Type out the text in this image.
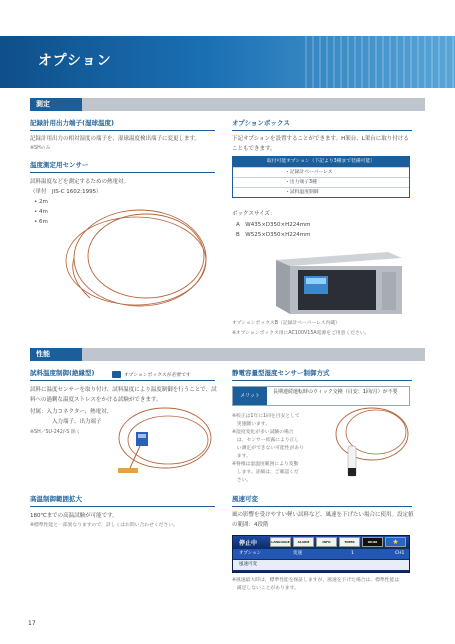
オプション
測定
記録計用出力端子(湿球温度)
記録計用出力の相対湿度の端子を、湿球温度検出端子に変更します。
※SHのみ
温度測定用センサー
試料温度などを測定するための熱電対。
（単付　JIS-C 1602:1995）
• 2m
• 4m
• 6m
オプションボックス
下記オプションを設置することができます。H架台、L架台に取り付けることもできます。
取付可能オプション（下記より3種まで装備可能）
・記録計ペーパーレス
・出力端子3種
・試料温度制御
ボックスサイズ：
A　W435×D350×H224mm
B　W525×D350×H224mm
オプションボックスB（記録計ペーパーレス内蔵）
※オプションボックス用にAC100V15A電源をご用意ください。
性能
試料温度制御(絶縁型)	オプションボックスが必要です
試料に温度センサーを取り付け、試料温度により温度制御を行うことで、試料への過剰な温度ストレスをかける試験ができます。
付属：入力コネクター、熱電対、
入力端子、出力端子
※SH／SU-242/-S 除く
静電容量型湿度センサー制御方式
メリット
長期連続運転時のウィック交換（目安：1回/月）が不要
※校正は1年に1回を目安として
　実施願います。
※湿度変化が多い試験の場合
　は、センサー結露により正し
　い測定ができない可能性があり
　ます。
※脊椎は湿温度範囲により変動
　します。詳細は、ご確認くだ
　さい。
高温制御範囲拡大
180℃までの高温試験が可能です。
※標準性能と一部異なりますので、詳しくはお問い合わせください。
風速可変
風の影響を受けやすい軽い試料など、風速を下げたい場合に使用。設定値の範囲：4段階
停止中	LANGUAGE	ALARM	INFO	TIMER	00:00	★
オプション	変速	1	CH1
風速可変
※風速最大時は、標準性能を保証しますが、風速を下げた場合は、標準性能は
　満足しないことがあります。
17
